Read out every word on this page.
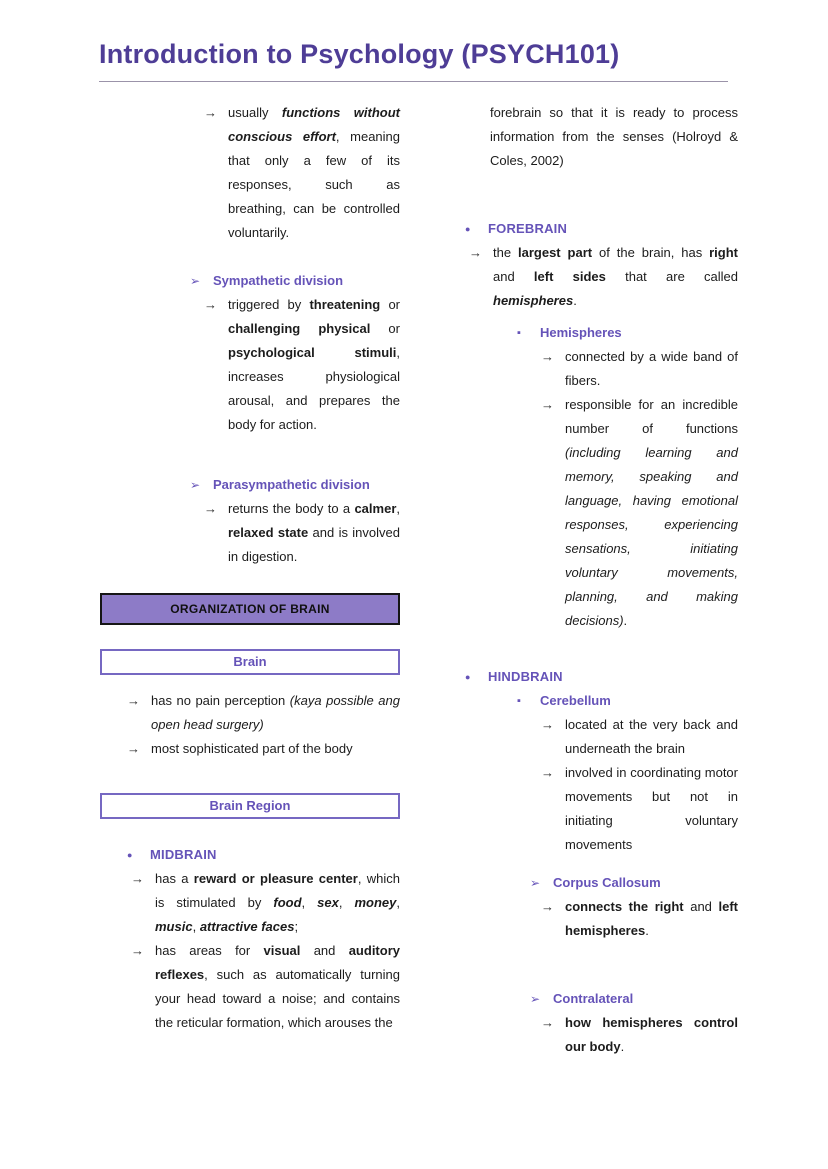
Introduction to Psychology (PSYCH101)
→ usually functions without conscious effort, meaning that only a few of its responses, such as breathing, can be controlled voluntarily.
➢ Sympathetic division
→ triggered by threatening or challenging physical or psychological stimuli, increases physiological arousal, and prepares the body for action.
➢ Parasympathetic division
→ returns the body to a calmer, relaxed state and is involved in digestion.
ORGANIZATION OF BRAIN
Brain
→ has no pain perception (kaya possible ang open head surgery)
→ most sophisticated part of the body
Brain Region
●	MIDBRAIN
→ has a reward or pleasure center, which is stimulated by food, sex, money, music, attractive faces;
→ has areas for visual and auditory reflexes, such as automatically turning your head toward a noise; and contains the reticular formation, which arouses the
forebrain so that it is ready to process information from the senses (Holroyd & Coles, 2002)
●	FOREBRAIN
→ the largest part of the brain, has right and left sides that are called hemispheres.
▪	Hemispheres
→ connected by a wide band of fibers.
→ responsible for an incredible number of functions (including learning and memory, speaking and language, having emotional responses, experiencing sensations, initiating voluntary movements, planning, and making decisions).
●	HINDBRAIN
▪	Cerebellum
→ located at the very back and underneath the brain
→ involved in coordinating motor movements but not in initiating voluntary movements
➢ Corpus Callosum
→ connects the right and left hemispheres.
➢ Contralateral
→ how hemispheres control our body.
